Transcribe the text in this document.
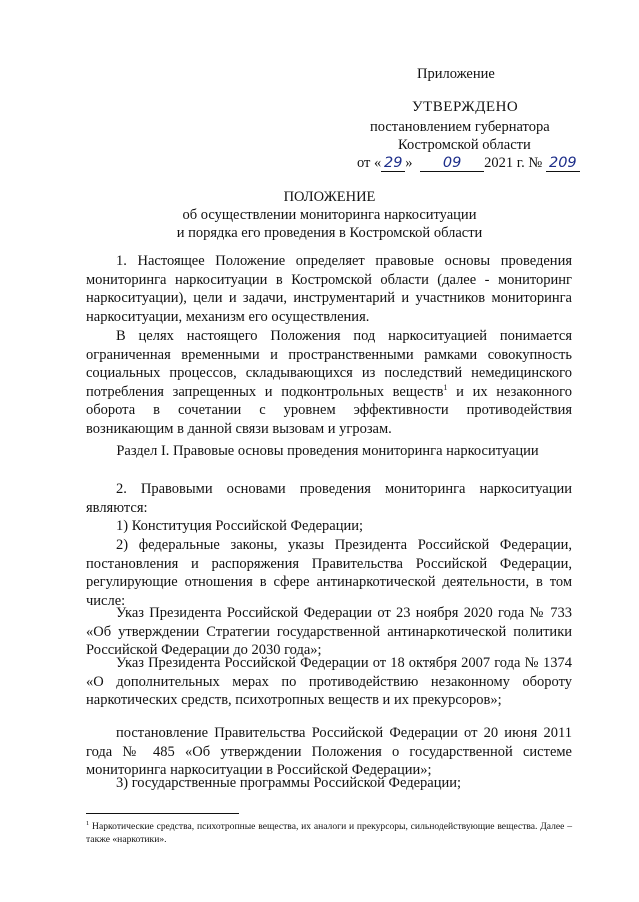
Приложение
УТВЕРЖДЕНО
постановлением губернатора
Костромской области
от « 29 » 09 2021 г. № 209
ПОЛОЖЕНИЕ
об осуществлении мониторинга наркоситуации
и порядка его проведения в Костромской области

1. Настоящее Положение определяет правовые основы проведения мониторинга наркоситуации в Костромской области (далее - мониторинг наркоситуации), цели и задачи, инструментарий и участников мониторинга наркоситуации, механизм его осуществления.

В целях настоящего Положения под наркоситуацией понимается ограниченная временными и пространственными рамками совокупность социальных процессов, складывающихся из последствий немедицинского потребления запрещенных и подконтрольных веществ$^1$ и их незаконного оборота в сочетании с уровнем эффективности противодействия возникающим в данной связи вызовам и угрозам.

Раздел I. Правовые основы проведения мониторинга наркоситуации

2. Правовыми основами проведения мониторинга наркоситуации являются:

1) Конституция Российской Федерации;

2) федеральные законы, указы Президента Российской Федерации, постановления и распоряжения Правительства Российской Федерации, регулирующие отношения в сфере антинаркотической деятельности, в том числе:

Указ Президента Российской Федерации от 23 ноября 2020 года № 733 «Об утверждении Стратегии государственной антинаркотической политики Российской Федерации до 2030 года»;

Указ Президента Российской Федерации от 18 октября 2007 года № 1374 «О дополнительных мерах по противодействию незаконному обороту наркотических средств, психотропных веществ и их прекурсоров»;

постановление Правительства Российской Федерации от 20 июня 2011 года № 485 «Об утверждении Положения о государственной системе мониторинга наркоситуации в Российской Федерации»;

3) государственные программы Российской Федерации;

$^1$ Наркотические средства, психотропные вещества, их аналоги и прекурсоры, сильнодействующие вещества. Далее – также «наркотики».
